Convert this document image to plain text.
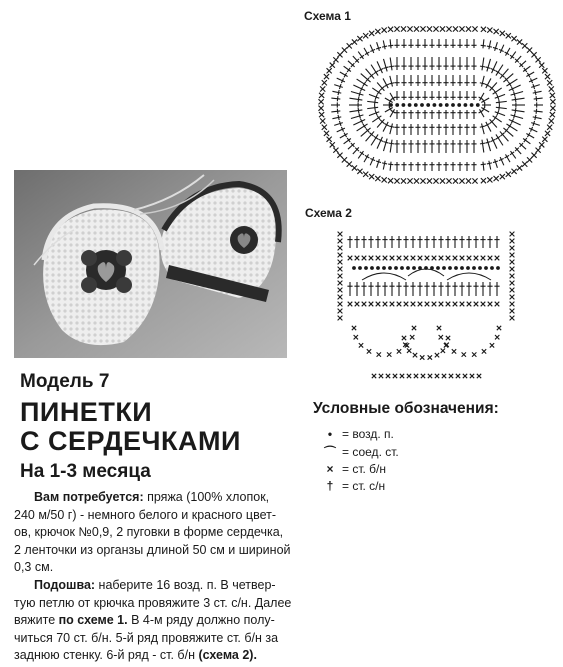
Схема 1
Схема 2
Модель 7
ПИНЕТКИ
С СЕРДЕЧКАМИ
На 1-3 месяца
Вам потребуется: пряжа (100% хлопок,
240 м/50 г) - немного белого и красного цвет-
ов, крючок №0,9, 2 пуговки в форме сердечка,
2 ленточки из органзы длиной 50 см и шириной
0,3 см.
Подошва: наберите 16 возд. п. В четвер-
тую петлю от крючка провяжите 3 ст. с/н. Далее
вяжите по схеме 1. В 4-м ряду должно полу-
читься 70 ст. б/н. 5-й ряд провяжите ст. б/н за
заднюю стенку. 6-й ряд - ст. б/н (схема 2).
Условные обозначения:
• = возд. п.
⌒ = соед. ст.
× = ст. б/н
† = ст. с/н
